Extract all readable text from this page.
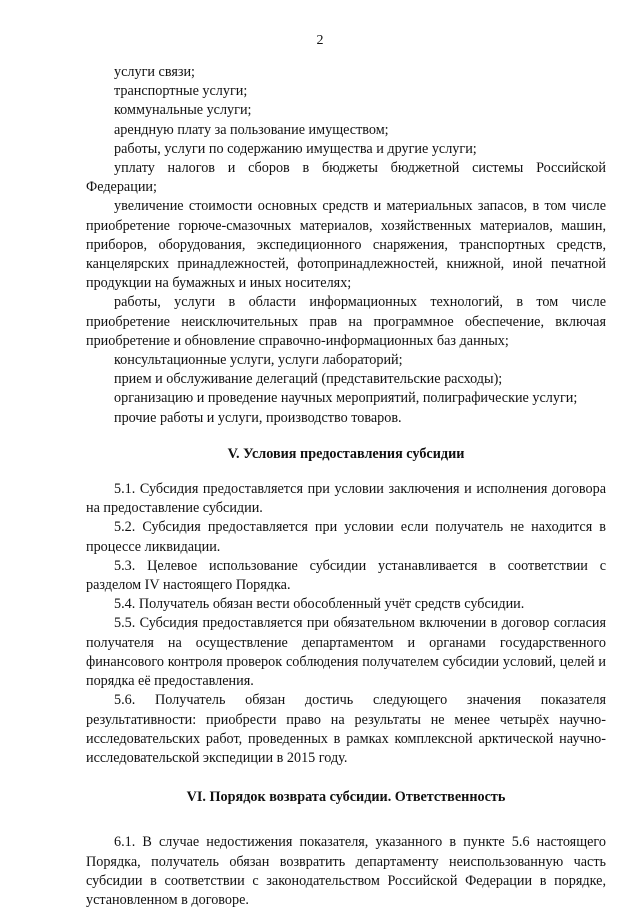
2

услуги связи;

транспортные услуги;

коммунальные услуги;

арендную плату за пользование имуществом;

работы, услуги по содержанию имущества и другие услуги;

уплату налогов и сборов в бюджеты бюджетной системы Российской Федерации;

увеличение стоимости основных средств и материальных запасов, в том числе приобретение горюче-смазочных материалов, хозяйственных материалов, машин, приборов, оборудования, экспедиционного снаряжения, транспортных средств, канцелярских принадлежностей, фотопринадлежностей, книжной, иной печатной продукции на бумажных и иных носителях;

работы, услуги в области информационных технологий, в том числе приобретение неисключительных прав на программное обеспечение, включая приобретение и обновление справочно-информационных баз данных;

консультационные услуги, услуги лабораторий;

прием и обслуживание делегаций (представительские расходы);

организацию и проведение научных мероприятий, полиграфические услуги;

прочие работы и услуги, производство товаров.

V. Условия предоставления субсидии

5.1. Субсидия предоставляется при условии заключения и исполнения договора на предоставление субсидии.

5.2. Субсидия предоставляется при условии если получатель не находится в процессе ликвидации.

5.3. Целевое использование субсидии устанавливается в соответствии с разделом IV настоящего Порядка.

5.4. Получатель обязан вести обособленный учёт средств субсидии.

5.5. Субсидия предоставляется при обязательном включении в договор согласия получателя на осуществление департаментом и органами государственного финансового контроля проверок соблюдения получателем субсидии условий, целей и порядка её предоставления.

5.6. Получатель обязан достичь следующего значения показателя результативности: приобрести право на результаты не менее четырёх научно-исследовательских работ, проведенных в рамках комплексной арктической научно-исследовательской экспедиции в 2015 году.

VI. Порядок возврата субсидии. Ответственность

6.1. В случае недостижения показателя, указанного в пункте 5.6 настоящего Порядка, получатель обязан возвратить департаменту неиспользованную часть субсидии в соответствии с законодательством Российской Федерации в порядке, установленном в договоре.
